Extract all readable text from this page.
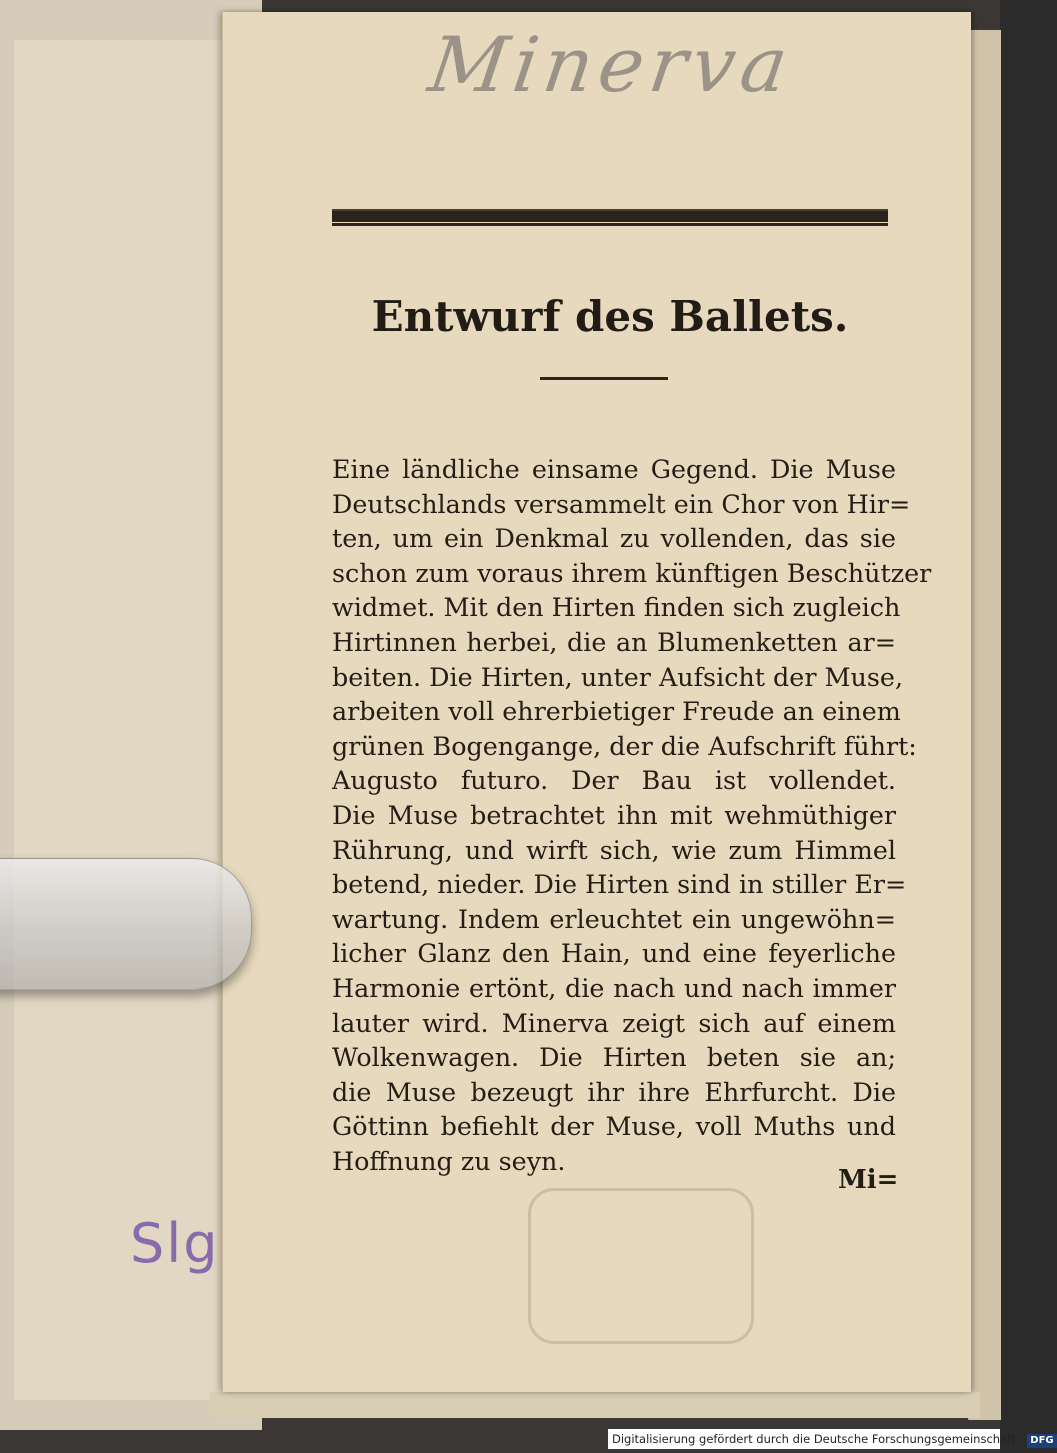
Slg
Minerva
Entwurf des Ballets.
Eine ländliche einsame Gegend. Die Muse
Deutschlands versammelt ein Chor von Hir=
ten, um ein Denkmal zu vollenden, das sie
schon zum voraus ihrem künftigen Beschützer
widmet. Mit den Hirten finden sich zugleich
Hirtinnen herbei, die an Blumenketten ar=
beiten. Die Hirten, unter Aufsicht der Muse,
arbeiten voll ehrerbietiger Freude an einem
grünen Bogengange, der die Aufschrift führt:
Augusto futuro. Der Bau ist vollendet.
Die Muse betrachtet ihn mit wehmüthiger
Rührung, und wirft sich, wie zum Himmel
betend, nieder. Die Hirten sind in stiller Er=
wartung. Indem erleuchtet ein ungewöhn=
licher Glanz den Hain, und eine feyerliche
Harmonie ertönt, die nach und nach immer
lauter wird. Minerva zeigt sich auf einem
Wolkenwagen. Die Hirten beten sie an;
die Muse bezeugt ihr ihre Ehrfurcht. Die
Göttinn befiehlt der Muse, voll Muths und
Hoffnung zu seyn.
Mi=
Digitalisierung gefördert durch die Deutsche Forschungsgemeinschaft - DFG
